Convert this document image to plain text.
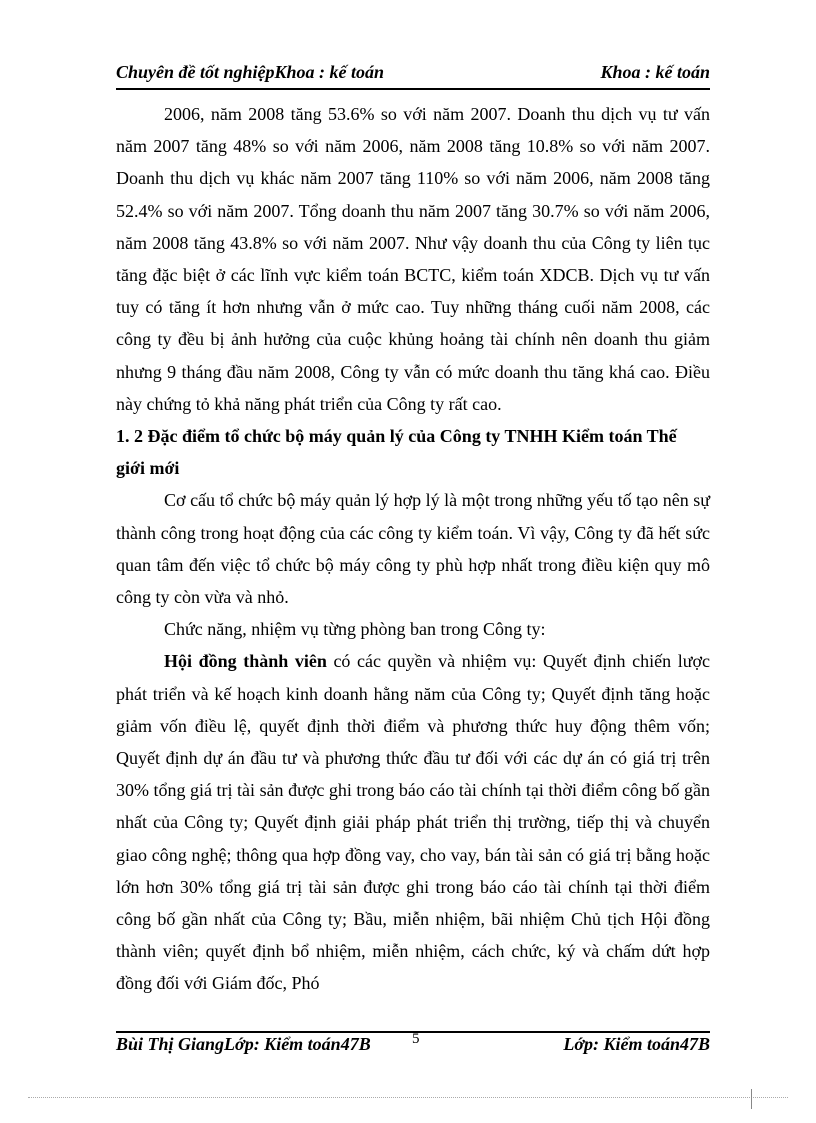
Chuyên đề tốt nghiệpKhoa : kế toán	Khoa : kế toán

2006, năm 2008 tăng 53.6% so với năm 2007. Doanh thu dịch vụ tư vấn năm 2007 tăng 48% so với năm 2006, năm 2008 tăng 10.8% so với năm 2007. Doanh thu dịch vụ khác năm 2007 tăng 110% so với năm 2006, năm 2008 tăng 52.4% so với năm 2007. Tổng doanh thu năm 2007 tăng 30.7% so với năm 2006, năm 2008 tăng 43.8% so với năm 2007. Như vậy doanh thu của Công ty liên tục tăng đặc biệt ở các lĩnh vực kiểm toán BCTC, kiểm toán XDCB. Dịch vụ tư vấn tuy có tăng ít hơn nhưng vẫn ở mức cao. Tuy những tháng cuối năm 2008, các công ty đều bị ảnh hưởng của cuộc khủng hoảng tài chính nên doanh thu giảm nhưng 9 tháng đầu năm 2008, Công ty vẫn có mức doanh thu tăng khá cao. Điều này chứng tỏ khả năng phát triển của Công ty rất cao.

1. 2 Đặc điểm tổ chức bộ máy quản lý của Công ty TNHH Kiểm toán Thế giới mới

Cơ cấu tổ chức bộ máy quản lý hợp lý là một trong những yếu tố tạo nên sự thành công trong hoạt động của các công ty kiểm toán. Vì vậy, Công ty đã hết sức quan tâm đến việc tổ chức bộ máy công ty phù hợp nhất trong điều kiện quy mô công ty còn vừa và nhỏ.

Chức năng, nhiệm vụ từng phòng ban trong Công ty:

Hội đồng thành viên có các quyền và nhiệm vụ: Quyết định chiến lược phát triển và kế hoạch kinh doanh hằng năm của Công ty; Quyết định tăng hoặc giảm vốn điều lệ, quyết định thời điểm và phương thức huy động thêm vốn; Quyết định dự án đầu tư và phương thức đầu tư đối với các dự án có giá trị trên 30% tổng giá trị tài sản được ghi trong báo cáo tài chính tại thời điểm công bố gần nhất của Công ty; Quyết định giải pháp phát triển thị trường, tiếp thị và chuyển giao công nghệ; thông qua hợp đồng vay, cho vay, bán tài sản có giá trị bằng hoặc lớn hơn 30% tổng giá trị tài sản được ghi trong báo cáo tài chính tại thời điểm công bố gần nhất của Công ty; Bầu, miễn nhiệm, bãi nhiệm Chủ tịch Hội đồng thành viên; quyết định bổ nhiệm, miễn nhiệm, cách chức, ký và chấm dứt hợp đồng đối với Giám đốc, Phó

Bùi Thị GiangLớp: Kiểm toán47B	5	Lớp: Kiểm toán47B
